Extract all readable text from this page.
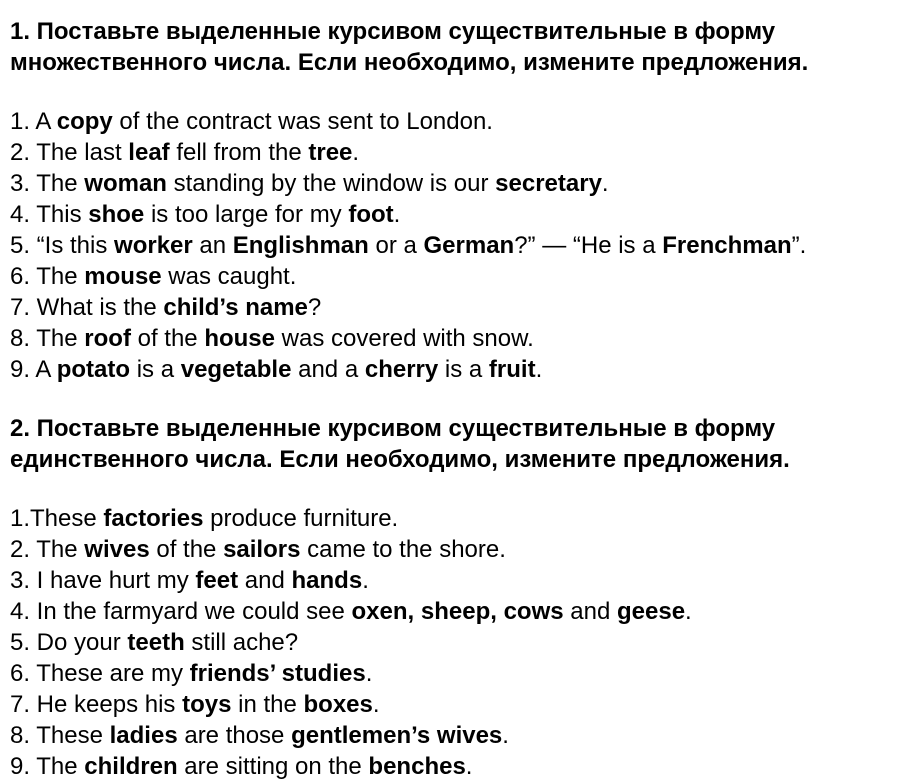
1. Поставьте выделенные курсивом существительные в форму
множественного числа. Если необходимо, измените предложения.
1. A copy of the contract was sent to London.
2. The last leaf fell from the tree.
3. The woman standing by the window is our secretary.
4. This shoe is too large for my foot.
5. “Is this worker an Englishman or a German?” — “He is a Frenchman”.
6. The mouse was caught.
7. What is the child’s name?
8. The roof of the house was covered with snow.
9. A potato is a vegetable and a cherry is a fruit.
2. Поставьте выделенные курсивом существительные в форму
единственного числа. Если необходимо, измените предложения.
1.These factories produce furniture.
2. The wives of the sailors came to the shore.
3. I have hurt my feet and hands.
4. In the farmyard we could see oxen, sheep, cows and geese.
5. Do your teeth still ache?
6. These are my friends’ studies.
7. He keeps his toys in the boxes.
8. These ladies are those gentlemen’s wives.
9. The children are sitting on the benches.
